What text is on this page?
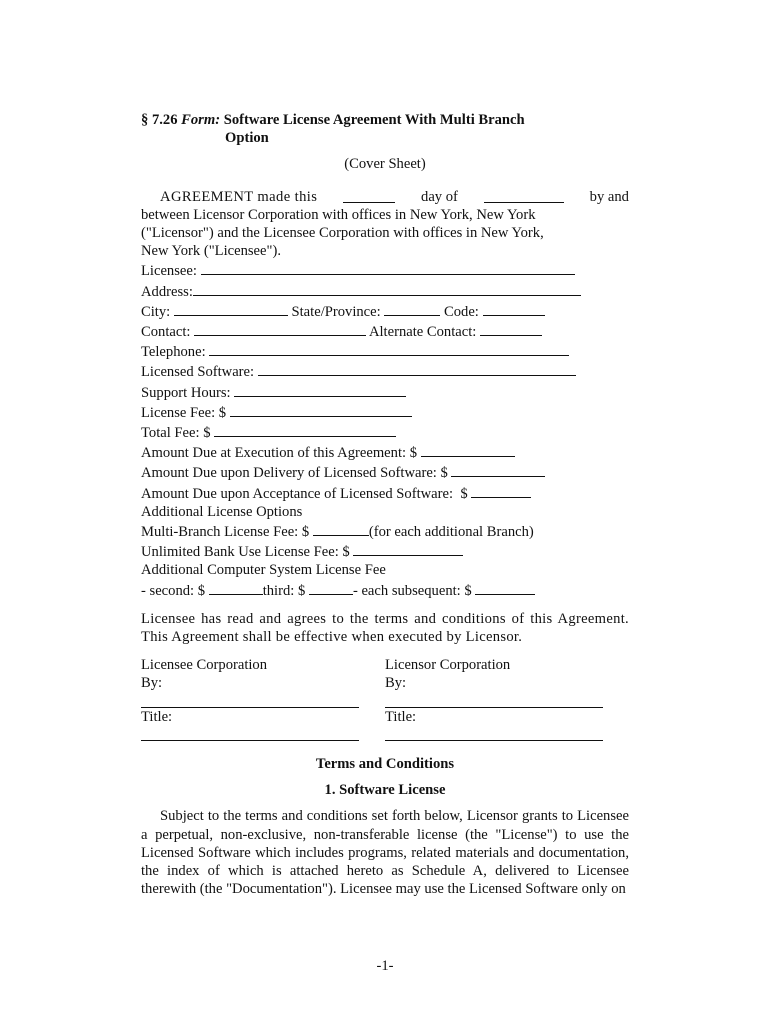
§ 7.26 Form: Software License Agreement With Multi Branch
Option
(Cover Sheet)
AGREEMENT made this	day of	by and
between Licensor Corporation with offices in New York, New York
("Licensor") and the Licensee Corporation with offices in New York,
New York ("Licensee").
Licensee:
Address:
City:	State/Province:	Code:
Contact:	Alternate Contact:
Telephone:
Licensed Software:
Support Hours:
License Fee: $
Total Fee: $
Amount Due at Execution of this Agreement: $
Amount Due upon Delivery of Licensed Software: $
Amount Due upon Acceptance of Licensed Software:  $
Additional License Options
Multi-Branch License Fee: $	(for each additional Branch)
Unlimited Bank Use License Fee: $
Additional Computer System License Fee
- second: $	third: $	- each subsequent: $
Licensee has read and agrees to the terms and conditions of this Agreement. This Agreement shall be effective when executed by Licensor.
Licensee Corporation
By:
Title:
Licensor Corporation
By:
Title:
Terms and Conditions
1. Software License
Subject to the terms and conditions set forth below, Licensor grants to Licensee a perpetual, non-exclusive, non-transferable license (the "License") to use the Licensed Software which includes programs, related materials and documentation, the index of which is attached hereto as Schedule A, delivered to Licensee therewith (the "Documentation"). Licensee may use the Licensed Software only on
-1-
